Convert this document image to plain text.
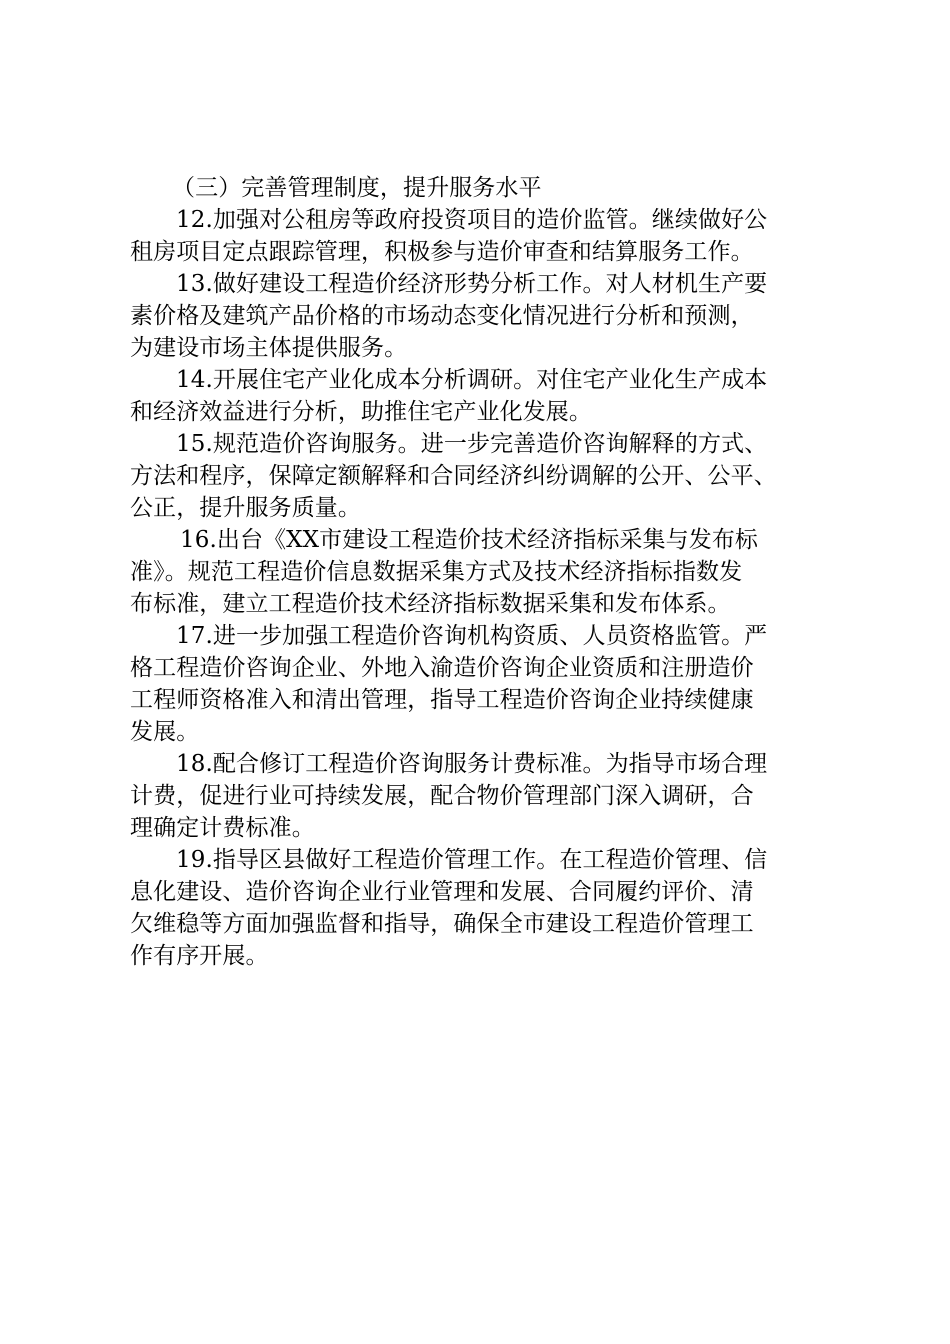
（三）完善管理制度，提升服务水平
12.加强对公租房等政府投资项目的造价监管。继续做好公
租房项目定点跟踪管理，积极参与造价审查和结算服务工作。
13.做好建设工程造价经济形势分析工作。对人材机生产要
素价格及建筑产品价格的市场动态变化情况进行分析和预测，
为建设市场主体提供服务。
14.开展住宅产业化成本分析调研。对住宅产业化生产成本
和经济效益进行分析，助推住宅产业化发展。
15.规范造价咨询服务。进一步完善造价咨询解释的方式、
方法和程序，保障定额解释和合同经济纠纷调解的公开、公平、
公正，提升服务质量。
16.出台《XX市建设工程造价技术经济指标采集与发布标
准》。规范工程造价信息数据采集方式及技术经济指标指数发
布标准，建立工程造价技术经济指标数据采集和发布体系。
17.进一步加强工程造价咨询机构资质、人员资格监管。严
格工程造价咨询企业、外地入渝造价咨询企业资质和注册造价
工程师资格准入和清出管理，指导工程造价咨询企业持续健康
发展。
18.配合修订工程造价咨询服务计费标准。为指导市场合理
计费，促进行业可持续发展，配合物价管理部门深入调研，合
理确定计费标准。
19.指导区县做好工程造价管理工作。在工程造价管理、信
息化建设、造价咨询企业行业管理和发展、合同履约评价、清
欠维稳等方面加强监督和指导，确保全市建设工程造价管理工
作有序开展。
